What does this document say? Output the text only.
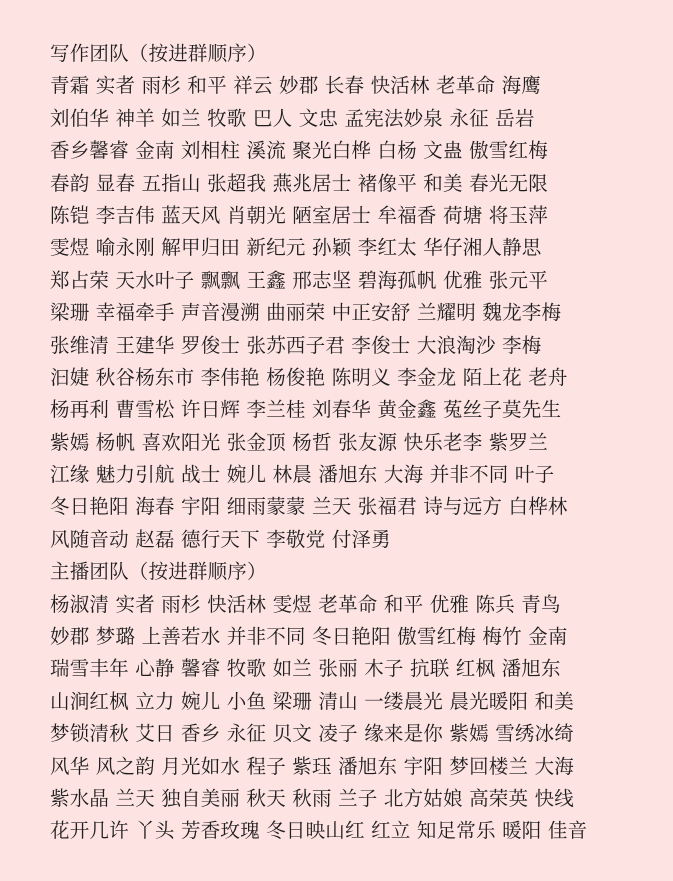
写作团队（按进群顺序）
青霜 实者 雨杉 和平 祥云 妙郡 长春 快活林 老革命 海鹰
刘伯华 神羊 如兰 牧歌 巴人 文忠 孟宪法妙泉 永征 岳岩
香乡馨睿 金南 刘相柱 溪流 聚光白桦 白杨 文蛊 傲雪红梅
春韵 显春 五指山 张超我 燕兆居士 褚像平 和美 春光无限
陈铠 李吉伟 蓝天风 肖朝光 陋室居士 牟福香 荷塘 将玉萍
雯煜 喻永刚 解甲归田 新纪元 孙颖 李红太 华仔湘人静思
郑占荣 天水叶子 飘飘 王鑫 邢志坚 碧海孤帆 优雅 张元平
梁珊 幸福牵手 声音漫溯 曲丽荣 中正安舒 兰耀明 魏龙李梅
张维清 王建华 罗俊士 张苏西子君 李俊士 大浪淘沙 李梅
汩婕 秋谷杨东市 李伟艳 杨俊艳 陈明义 李金龙 陌上花 老舟
杨再利 曹雪松 许日辉 李兰桂 刘春华 黄金鑫 菟丝子莫先生
紫嫣 杨帆 喜欢阳光 张金顶 杨哲 张友源 快乐老李 紫罗兰
江缘 魅力引航 战士 婉儿 林晨 潘旭东 大海 并非不同 叶子
冬日艳阳 海春 宇阳 细雨蒙蒙 兰天 张福君 诗与远方 白桦林
风随音动 赵磊 德行天下 李敬党 付泽勇
主播团队（按进群顺序）
杨淑清 实者 雨杉 快活林 雯煜 老革命 和平 优雅 陈兵 青鸟
妙郡 梦璐 上善若水 并非不同 冬日艳阳 傲雪红梅 梅竹 金南
瑞雪丰年 心静 馨睿 牧歌 如兰 张丽 木子 抗联 红枫 潘旭东
山涧红枫 立力 婉儿 小鱼 梁珊 清山 一缕晨光 晨光暖阳 和美
梦锁清秋 艾日 香乡 永征 贝文 凌子 缘来是你 紫嫣 雪绣冰绮
风华 风之韵 月光如水 程子 紫珏 潘旭东 宇阳 梦回楼兰 大海
紫水晶 兰天 独自美丽 秋天 秋雨 兰子 北方姑娘 高荣英 快线
花开几许 丫头 芳香玫瑰 冬日映山红 红立 知足常乐 暖阳 佳音
